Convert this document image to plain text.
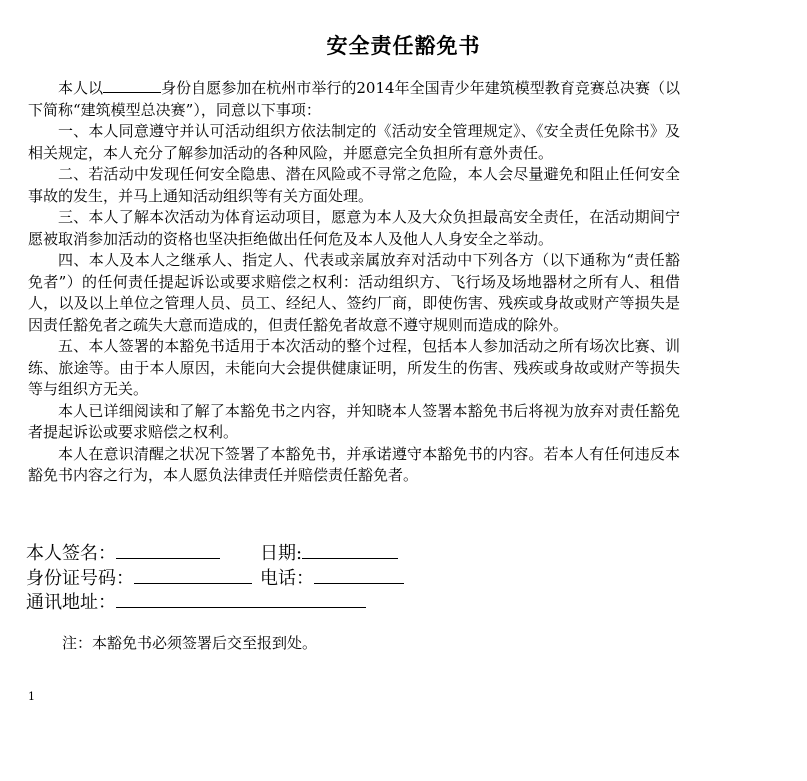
安全责任豁免书

本人以	身份自愿参加在杭州市举行的2014年全国青少年建筑模型教育竞赛总决赛（以下简称“建筑模型总决赛”），同意以下事项：

一、本人同意遵守并认可活动组织方依法制定的《活动安全管理规定》、《安全责任免除书》及相关规定，本人充分了解参加活动的各种风险，并愿意完全负担所有意外责任。

二、若活动中发现任何安全隐患、潜在风险或不寻常之危险，本人会尽量避免和阻止任何安全事故的发生，并马上通知活动组织等有关方面处理。

三、本人了解本次活动为体育运动项目，愿意为本人及大众负担最高安全责任，在活动期间宁愿被取消参加活动的资格也坚决拒绝做出任何危及本人及他人人身安全之举动。

四、本人及本人之继承人、指定人、代表或亲属放弃对活动中下列各方（以下通称为“责任豁免者”）的任何责任提起诉讼或要求赔偿之权利：活动组织方、飞行场及场地器材之所有人、租借人，以及以上单位之管理人员、员工、经纪人、签约厂商，即使伤害、残疾或身故或财产等损失是因责任豁免者之疏失大意而造成的，但责任豁免者故意不遵守规则而造成的除外。

五、本人签署的本豁免书适用于本次活动的整个过程，包括本人参加活动之所有场次比赛、训练、旅途等。由于本人原因，未能向大会提供健康证明，所发生的伤害、残疾或身故或财产等损失等与组织方无关。

本人已详细阅读和了解了本豁免书之内容，并知晓本人签署本豁免书后将视为放弃对责任豁免者提起诉讼或要求赔偿之权利。

本人在意识清醒之状况下签署了本豁免书，并承诺遵守本豁免书的内容。若本人有任何违反本豁免书内容之行为，本人愿负法律责任并赔偿责任豁免者。

本人签名：	日期:
身份证号码：	电话：
通讯地址：
注：本豁免书必须签署后交至报到处。
1
